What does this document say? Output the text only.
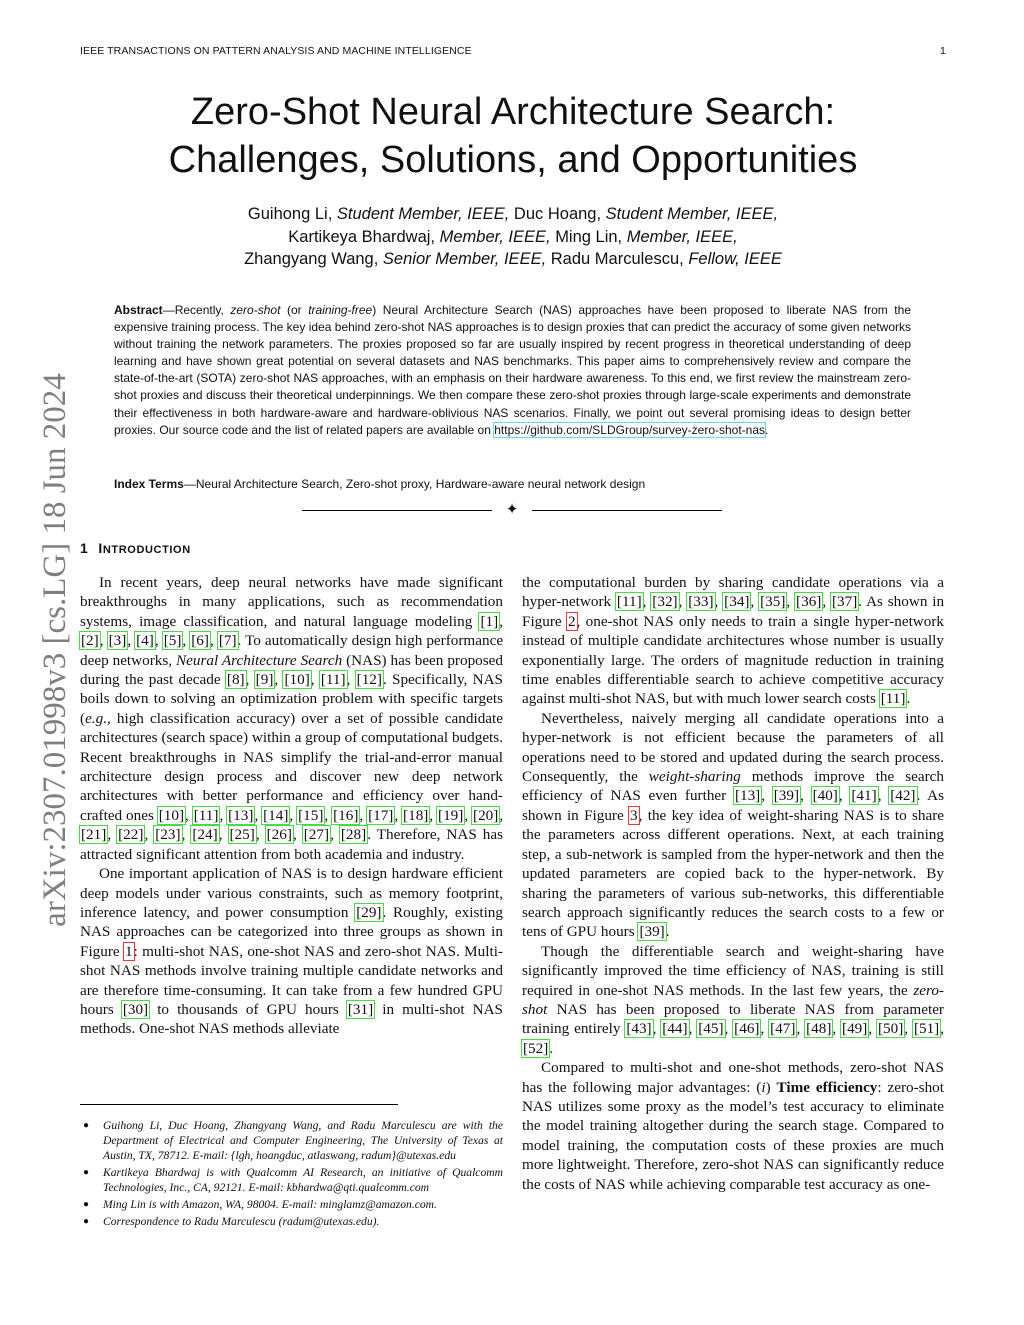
IEEE TRANSACTIONS ON PATTERN ANALYSIS AND MACHINE INTELLIGENCE	1
arXiv:2307.01998v3 [cs.LG] 18 Jun 2024
Zero-Shot Neural Architecture Search:
Challenges, Solutions, and Opportunities
Guihong Li, Student Member, IEEE, Duc Hoang, Student Member, IEEE,
Kartikeya Bhardwaj, Member, IEEE, Ming Lin, Member, IEEE,
Zhangyang Wang, Senior Member, IEEE, Radu Marculescu, Fellow, IEEE
Abstract—Recently, zero-shot (or training-free) Neural Architecture Search (NAS) approaches have been proposed to liberate NAS from the expensive training process. The key idea behind zero-shot NAS approaches is to design proxies that can predict the accuracy of some given networks without training the network parameters. The proxies proposed so far are usually inspired by recent progress in theoretical understanding of deep learning and have shown great potential on several datasets and NAS benchmarks. This paper aims to comprehensively review and compare the state-of-the-art (SOTA) zero-shot NAS approaches, with an emphasis on their hardware awareness. To this end, we first review the mainstream zero-shot proxies and discuss their theoretical underpinnings. We then compare these zero-shot proxies through large-scale experiments and demonstrate their effectiveness in both hardware-aware and hardware-oblivious NAS scenarios. Finally, we point out several promising ideas to design better proxies. Our source code and the list of related papers are available on https://github.com/SLDGroup/survey-zero-shot-nas.
Index Terms—Neural Architecture Search, Zero-shot proxy, Hardware-aware neural network design
✦
1 INTRODUCTION

In recent years, deep neural networks have made significant breakthroughs in many applications, such as recommendation systems, image classification, and natural language modeling [1], [2], [3], [4], [5], [6], [7]. To automatically design high performance deep networks, Neural Architecture Search (NAS) has been proposed during the past decade [8], [9], [10], [11], [12]. Specifically, NAS boils down to solving an optimization problem with specific targets (e.g., high classification accuracy) over a set of possible candidate architectures (search space) within a group of computational budgets. Recent breakthroughs in NAS simplify the trial-and-error manual architecture design process and discover new deep network architectures with better performance and efficiency over hand-crafted ones [10], [11], [13], [14], [15], [16], [17], [18], [19], [20], [21], [22], [23], [24], [25], [26], [27], [28]. Therefore, NAS has attracted significant attention from both academia and industry.

One important application of NAS is to design hardware efficient deep models under various constraints, such as memory footprint, inference latency, and power consumption [29]. Roughly, existing NAS approaches can be categorized into three groups as shown in Figure 1: multi-shot NAS, one-shot NAS and zero-shot NAS. Multi-shot NAS methods involve training multiple candidate networks and are therefore time-consuming. It can take from a few hundred GPU hours [30] to thousands of GPU hours [31] in multi-shot NAS methods. One-shot NAS methods alleviate

the computational burden by sharing candidate operations via a hyper-network [11], [32], [33], [34], [35], [36], [37]. As shown in Figure 2, one-shot NAS only needs to train a single hyper-network instead of multiple candidate architectures whose number is usually exponentially large. The orders of magnitude reduction in training time enables differentiable search to achieve competitive accuracy against multi-shot NAS, but with much lower search costs [11].

Nevertheless, naively merging all candidate operations into a hyper-network is not efficient because the parameters of all operations need to be stored and updated during the search process. Consequently, the weight-sharing methods improve the search efficiency of NAS even further [13], [39], [40], [41], [42]. As shown in Figure 3, the key idea of weight-sharing NAS is to share the parameters across different operations. Next, at each training step, a sub-network is sampled from the hyper-network and then the updated parameters are copied back to the hyper-network. By sharing the parameters of various sub-networks, this differentiable search approach significantly reduces the search costs to a few or tens of GPU hours [39].

Though the differentiable search and weight-sharing have significantly improved the time efficiency of NAS, training is still required in one-shot NAS methods. In the last few years, the zero-shot NAS has been proposed to liberate NAS from parameter training entirely [43], [44], [45], [46], [47], [48], [49], [50], [51], [52].

Compared to multi-shot and one-shot methods, zero-shot NAS has the following major advantages: (i) Time efficiency: zero-shot NAS utilizes some proxy as the model’s test accuracy to eliminate the model training altogether during the search stage. Compared to model training, the computation costs of these proxies are much more lightweight. Therefore, zero-shot NAS can significantly reduce the costs of NAS while achieving comparable test accuracy as one-

● Guihong Li, Duc Hoang, Zhangyang Wang, and Radu Marculescu are with the Department of Electrical and Computer Engineering, The University of Texas at Austin, TX, 78712. E-mail: {lgh, hoangduc, atlaswang, radum}@utexas.edu
● Kartikeya Bhardwaj is with Qualcomm AI Research, an initiative of Qualcomm Technologies, Inc., CA, 92121. E-mail: kbhardwa@qti.qualcomm.com
● Ming Lin is with Amazon, WA, 98004. E-mail: minglamz@amazon.com.
● Correspondence to Radu Marculescu (radum@utexas.edu).
